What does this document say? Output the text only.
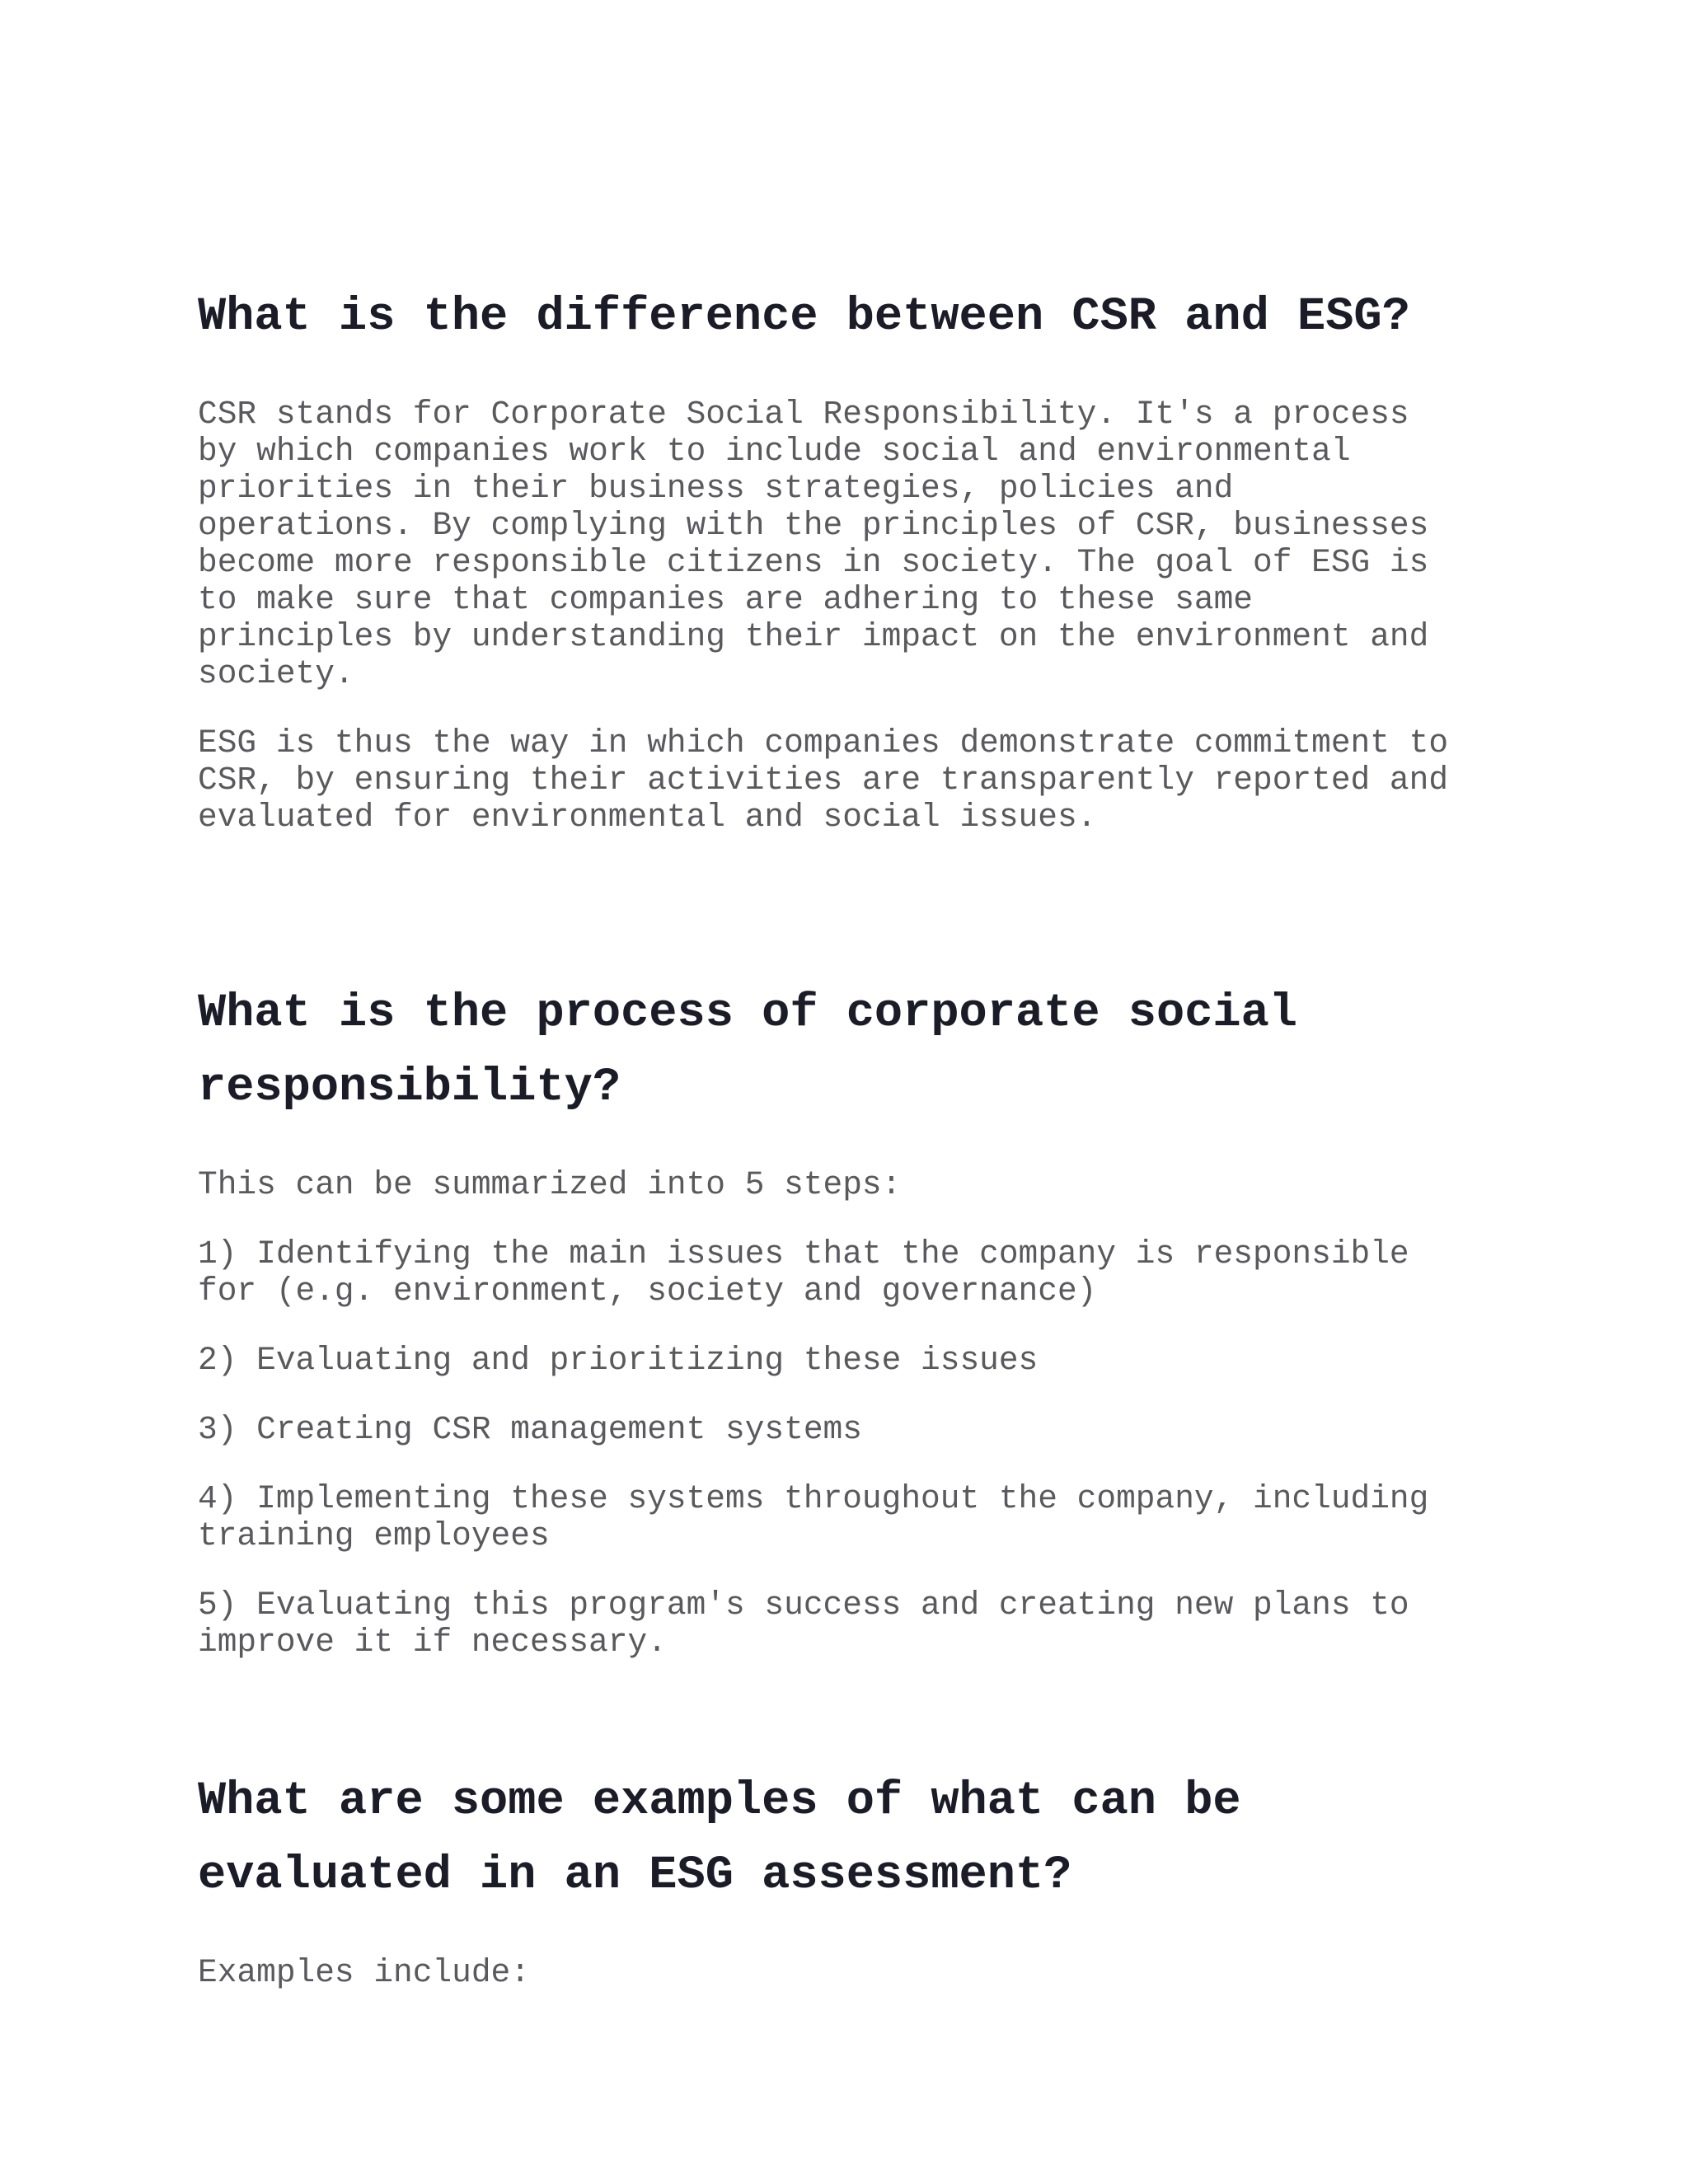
What is the difference between CSR and ESG?

CSR stands for Corporate Social Responsibility. It's a process
by which companies work to include social and environmental
priorities in their business strategies, policies and
operations. By complying with the principles of CSR, businesses
become more responsible citizens in society. The goal of ESG is
to make sure that companies are adhering to these same
principles by understanding their impact on the environment and
society.

ESG is thus the way in which companies demonstrate commitment to
CSR, by ensuring their activities are transparently reported and
evaluated for environmental and social issues.

What is the process of corporate social
responsibility?

This can be summarized into 5 steps:

1) Identifying the main issues that the company is responsible
for (e.g. environment, society and governance)

2) Evaluating and prioritizing these issues

3) Creating CSR management systems

4) Implementing these systems throughout the company, including
training employees

5) Evaluating this program's success and creating new plans to
improve it if necessary.

What are some examples of what can be
evaluated in an ESG assessment?

Examples include:
